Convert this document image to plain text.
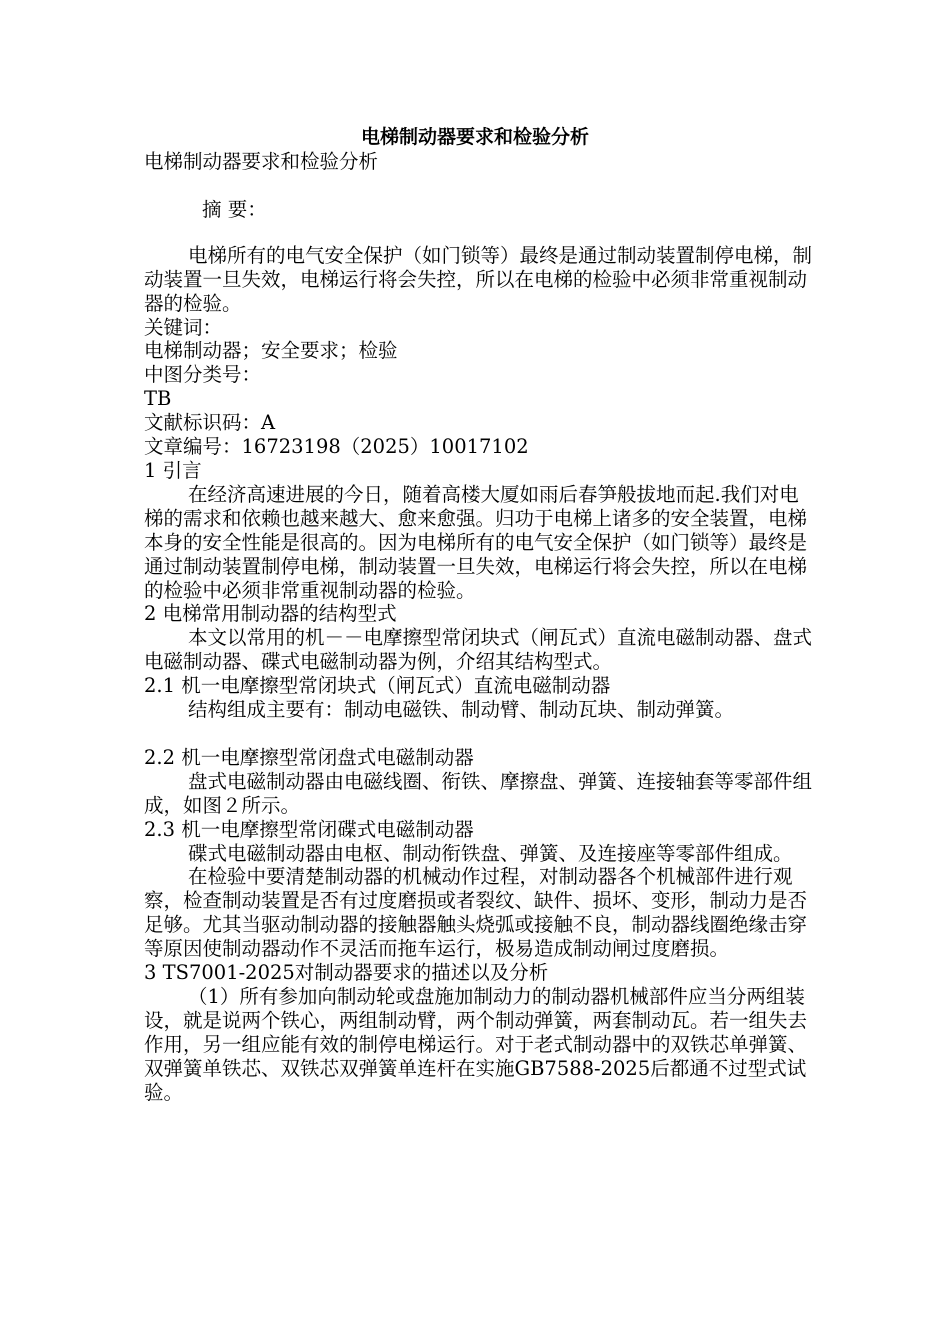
电梯制动器要求和检验分析

电梯制动器要求和检验分析

摘 要：

电梯所有的电气安全保护（如门锁等）最终是通过制动装置制停电梯，制动装置一旦失效，电梯运行将会失控，所以在电梯的检验中必须非常重视制动器的检验。

关键词：

电梯制动器；安全要求；检验

中图分类号：

TB

文献标识码：A

文章编号：16723198（2025）10017102

1 引言

在经济高速进展的今日，随着高楼大厦如雨后春笋般拔地而起.我们对电梯的需求和依赖也越来越大、愈来愈强。归功于电梯上诸多的安全装置，电梯本身的安全性能是很高的。因为电梯所有的电气安全保护（如门锁等）最终是通过制动装置制停电梯，制动装置一旦失效，电梯运行将会失控，所以在电梯的检验中必须非常重视制动器的检验。

2 电梯常用制动器的结构型式

本文以常用的机－－电摩擦型常闭块式（闸瓦式）直流电磁制动器、盘式电磁制动器、碟式电磁制动器为例，介绍其结构型式。

2.1 机一电摩擦型常闭块式（闸瓦式）直流电磁制动器

结构组成主要有：制动电磁铁、制动臂、制动瓦块、制动弹簧。

2.2 机一电摩擦型常闭盘式电磁制动器

盘式电磁制动器由电磁线圈、衔铁、摩擦盘、弹簧、连接轴套等零部件组成，如图２所示。

2.3 机一电摩擦型常闭碟式电磁制动器

碟式电磁制动器由电枢、制动衔铁盘、弹簧、及连接座等零部件组成。

在检验中要清楚制动器的机械动作过程，对制动器各个机械部件进行观察，检查制动装置是否有过度磨损或者裂纹、缺件、损坏、变形，制动力是否足够。尤其当驱动制动器的接触器触头烧弧或接触不良，制动器线圈绝缘击穿等原因使制动器动作不灵活而拖车运行，极易造成制动闸过度磨损。

3 TS7001-2025对制动器要求的描述以及分析

（1）所有参加向制动轮或盘施加制动力的制动器机械部件应当分两组装设，就是说两个铁心，两组制动臂，两个制动弹簧，两套制动瓦。若一组失去作用，另一组应能有效的制停电梯运行。对于老式制动器中的双铁芯单弹簧、双弹簧单铁芯、双铁芯双弹簧单连杆在实施GB7588-2025后都通不过型式试验。
